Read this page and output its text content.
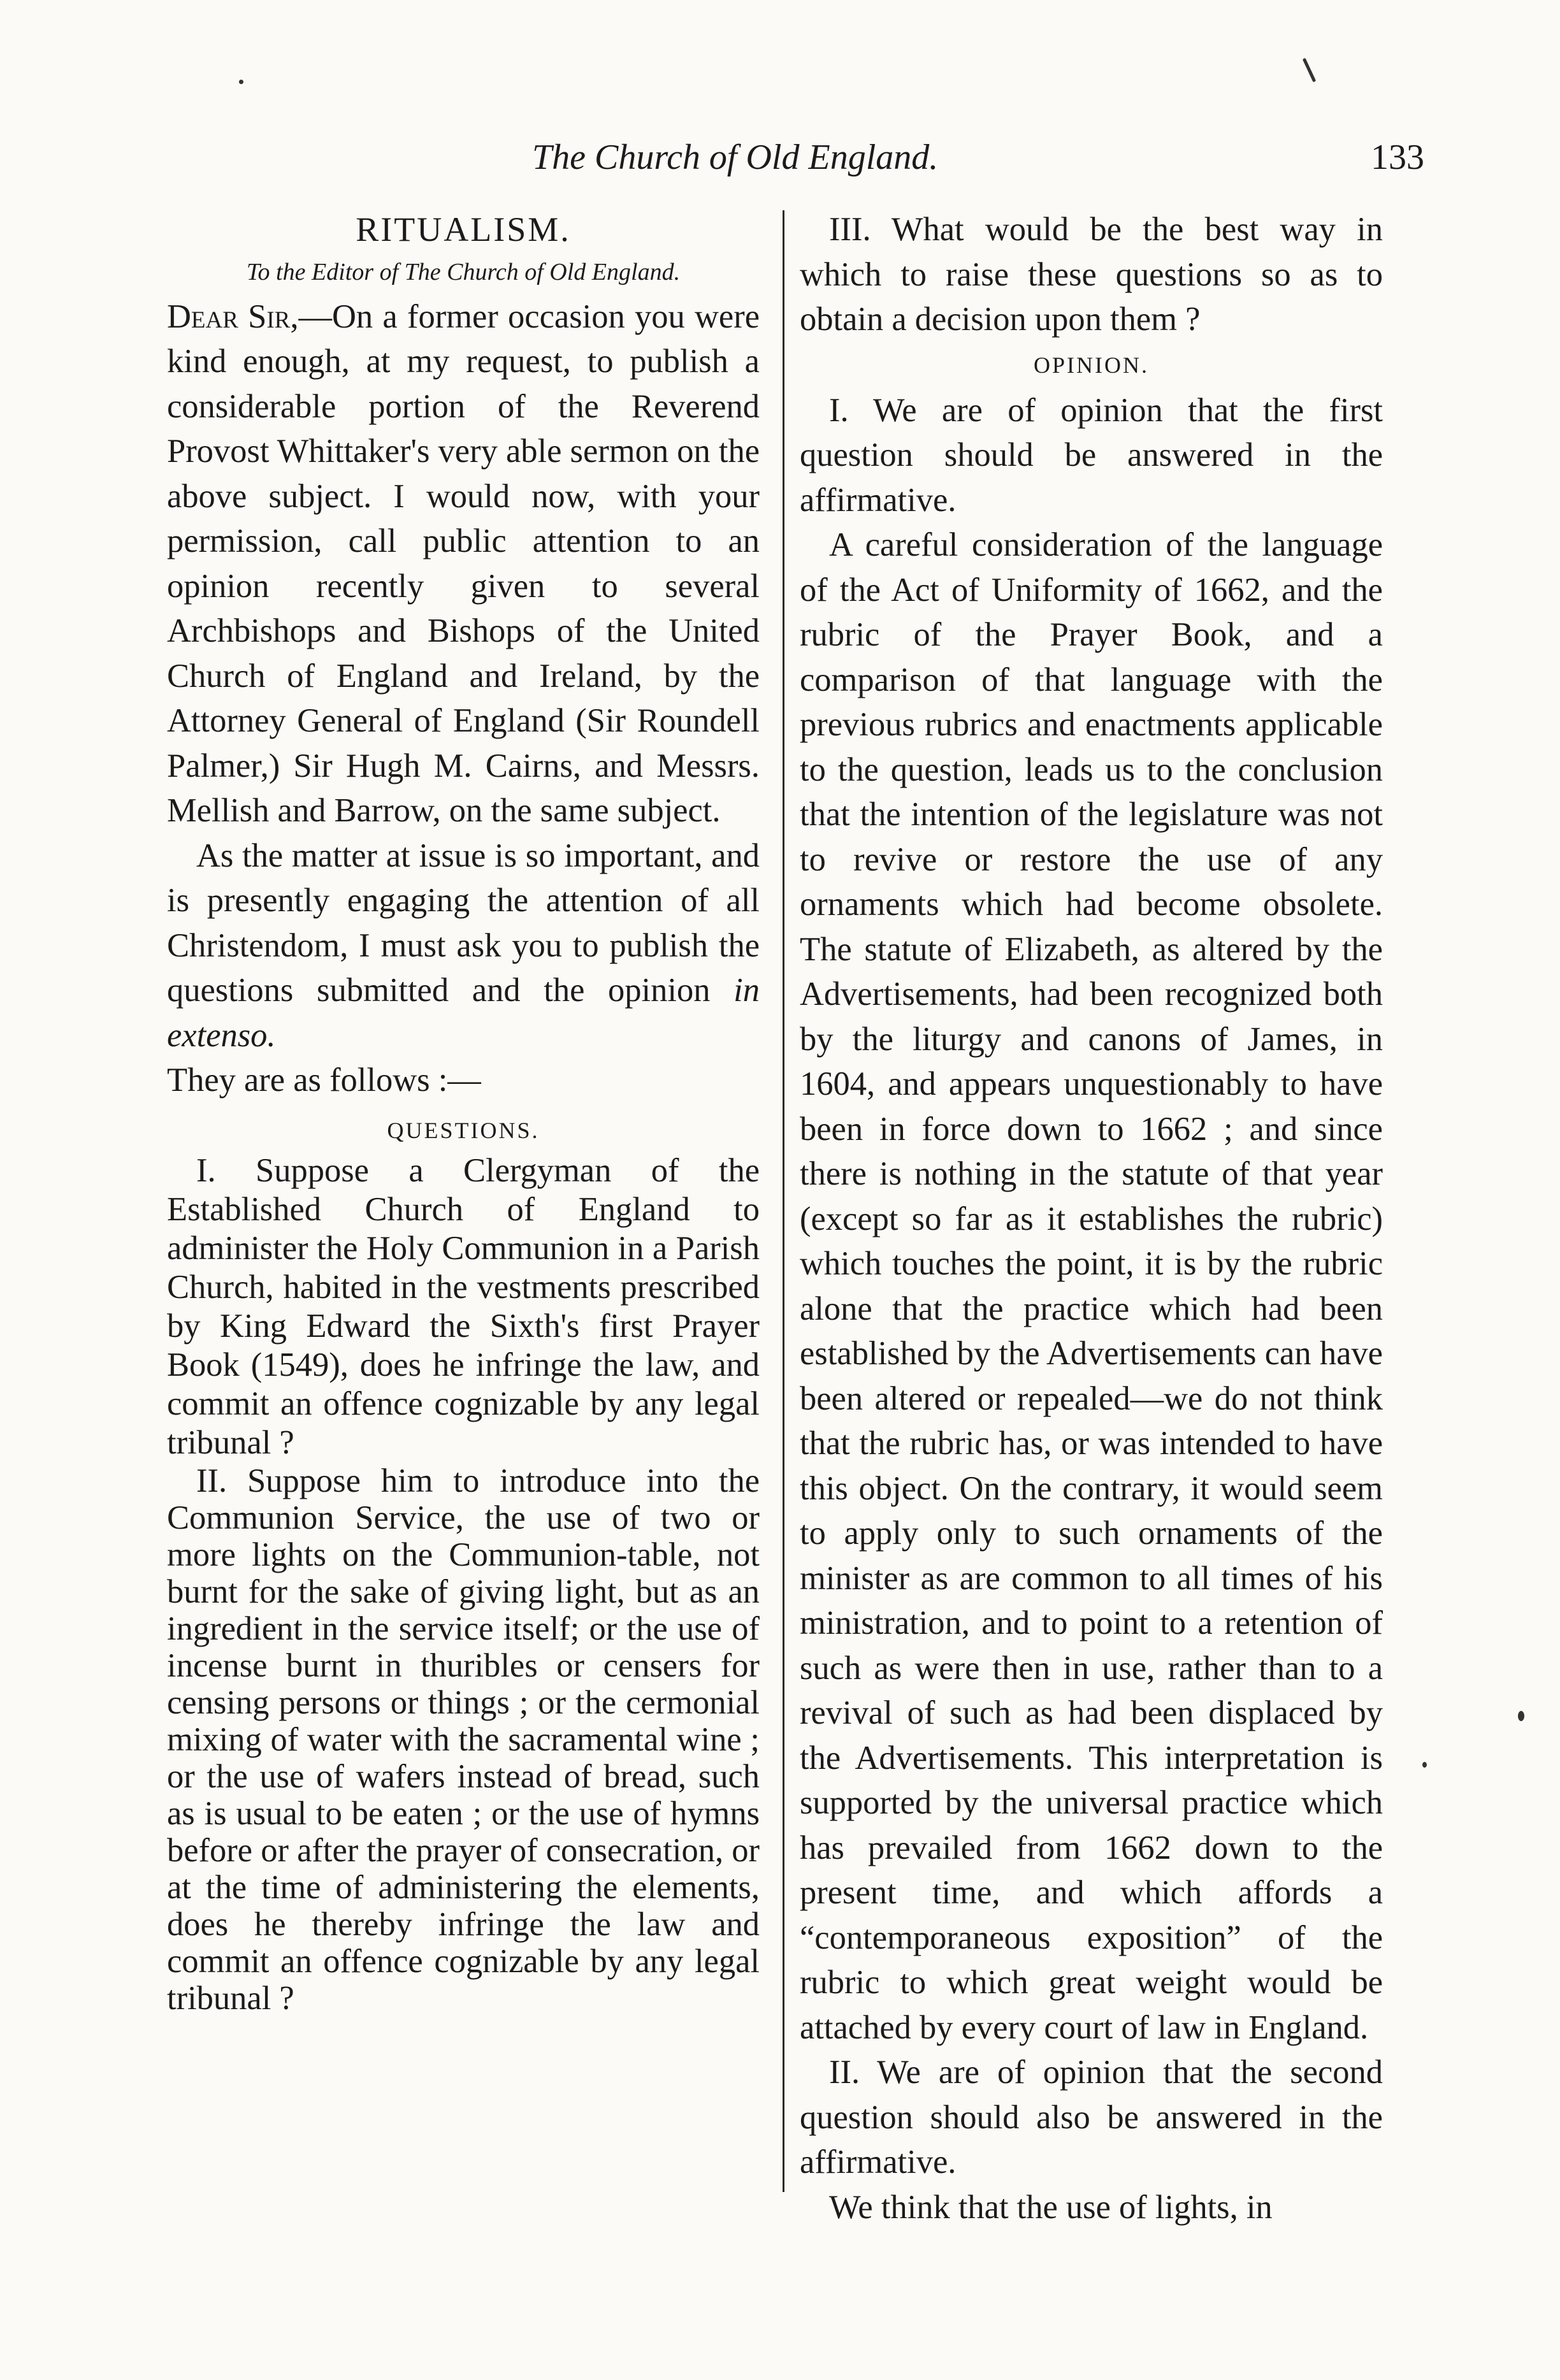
The Church of Old England.	133
RITUALISM.
To the Editor of The Church of Old England.

Dear Sir,—On a former occasion you were kind enough, at my request, to publish a considerable portion of the Reverend Provost Whittaker's very able sermon on the above subject. I would now, with your permission, call public attention to an opinion recently given to several Archbishops and Bishops of the United Church of England and Ireland, by the Attorney General of England (Sir Roundell Palmer,) Sir Hugh M. Cairns, and Messrs. Mellish and Barrow, on the same subject.

As the matter at issue is so important, and is presently engaging the attention of all Christendom, I must ask you to publish the questions submitted and the opinion in extenso.

They are as follows :—

QUESTIONS.

I. Suppose a Clergyman of the Established Church of England to administer the Holy Communion in a Parish Church, habited in the vestments prescribed by King Edward the Sixth's first Prayer Book (1549), does he infringe the law, and commit an offence cognizable by any legal tribunal ?

II. Suppose him to introduce into the Communion Service, the use of two or more lights on the Communion-table, not burnt for the sake of giving light, but as an ingredient in the service itself; or the use of incense burnt in thuribles or censers for censing persons or things ; or the cermonial mixing of water with the sacramental wine ; or the use of wafers instead of bread, such as is usual to be eaten ; or the use of hymns before or after the prayer of consecration, or at the time of administering the elements, does he thereby infringe the law and commit an offence cognizable by any legal tribunal ?

III. What would be the best way in which to raise these questions so as to obtain a decision upon them ?

OPINION.

I. We are of opinion that the first question should be answered in the affirmative.

A careful consideration of the language of the Act of Uniformity of 1662, and the rubric of the Prayer Book, and a comparison of that language with the previous rubrics and enactments applicable to the question, leads us to the conclusion that the intention of the legislature was not to revive or restore the use of any ornaments which had become obsolete. The statute of Elizabeth, as altered by the Advertisements, had been recognized both by the liturgy and canons of James, in 1604, and appears unquestionably to have been in force down to 1662 ; and since there is nothing in the statute of that year (except so far as it establishes the rubric) which touches the point, it is by the rubric alone that the practice which had been established by the Advertisements can have been altered or repealed—we do not think that the rubric has, or was intended to have this object. On the contrary, it would seem to apply only to such ornaments of the minister as are common to all times of his ministration, and to point to a retention of such as were then in use, rather than to a revival of such as had been displaced by the Advertisements. This interpretation is supported by the universal practice which has prevailed from 1662 down to the present time, and which affords a “contemporaneous exposition” of the rubric to which great weight would be attached by every court of law in England.

II. We are of opinion that the second question should also be answered in the affirmative.

We think that the use of lights, in
